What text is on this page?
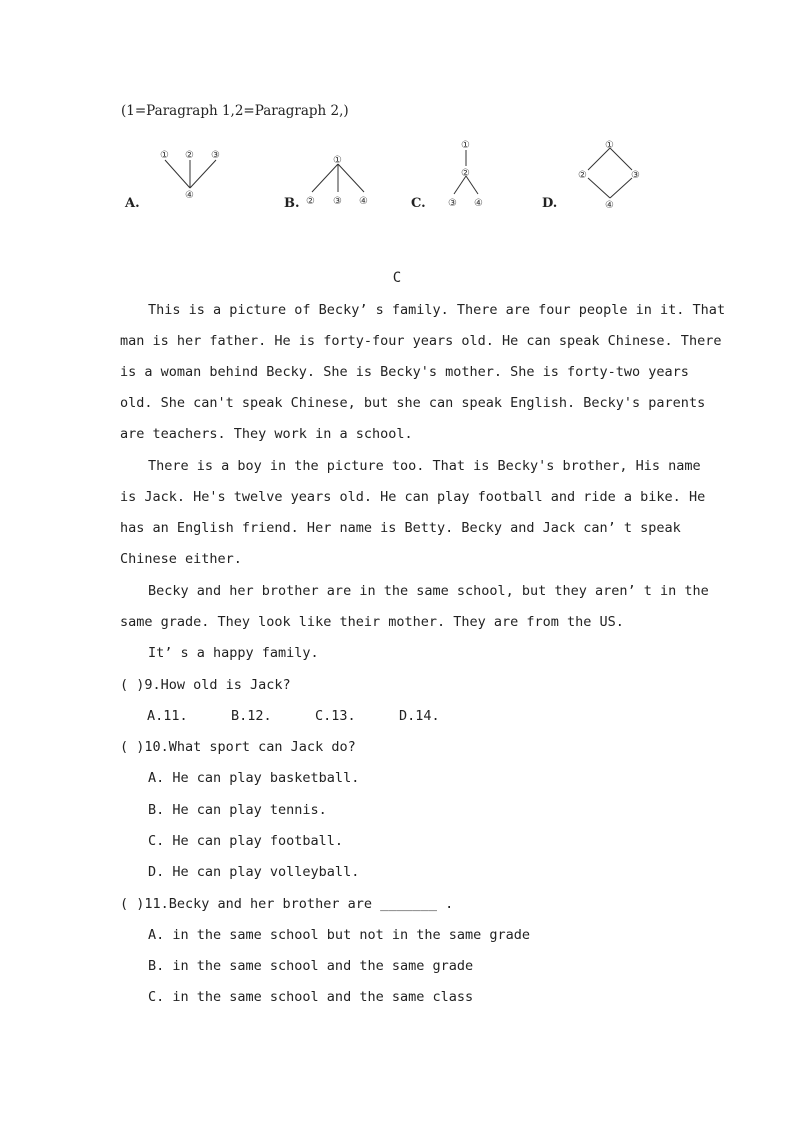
(1=Paragraph 1,2=Paragraph 2,)
A.
① ② ③
④
B.
①
② ③ ④	C.
①
②
③ ④	D.
①
②	③
④
C
This is a picture of Becky’ s family. There are four people in it. That
man is her father. He is forty-four years old. He can speak Chinese. There
is a woman behind Becky. She is Becky's mother. She is forty-two years
old. She can't speak Chinese, but she can speak English. Becky's parents
are teachers. They work in a school.
There is a boy in the picture too. That is Becky's brother, His name
is Jack. He's twelve years old. He can play football and ride a bike. He
has an English friend. Her name is Betty. Becky and Jack can’ t speak
Chinese either.
Becky and her brother are in the same school, but they aren’ t in the
same grade. They look like their mother. They are from the US.
It’ s a happy family.
( )9.How old is Jack?
A.11.	B.12.	C.13.	D.14.
( )10.What sport can Jack do?
A. He can play basketball.
B. He can play tennis.
C. He can play football.
D. He can play volleyball.
( )11.Becky and her brother are _______ .
A. in the same school but not in the same grade
B. in the same school and the same grade
C. in the same school and the same class
